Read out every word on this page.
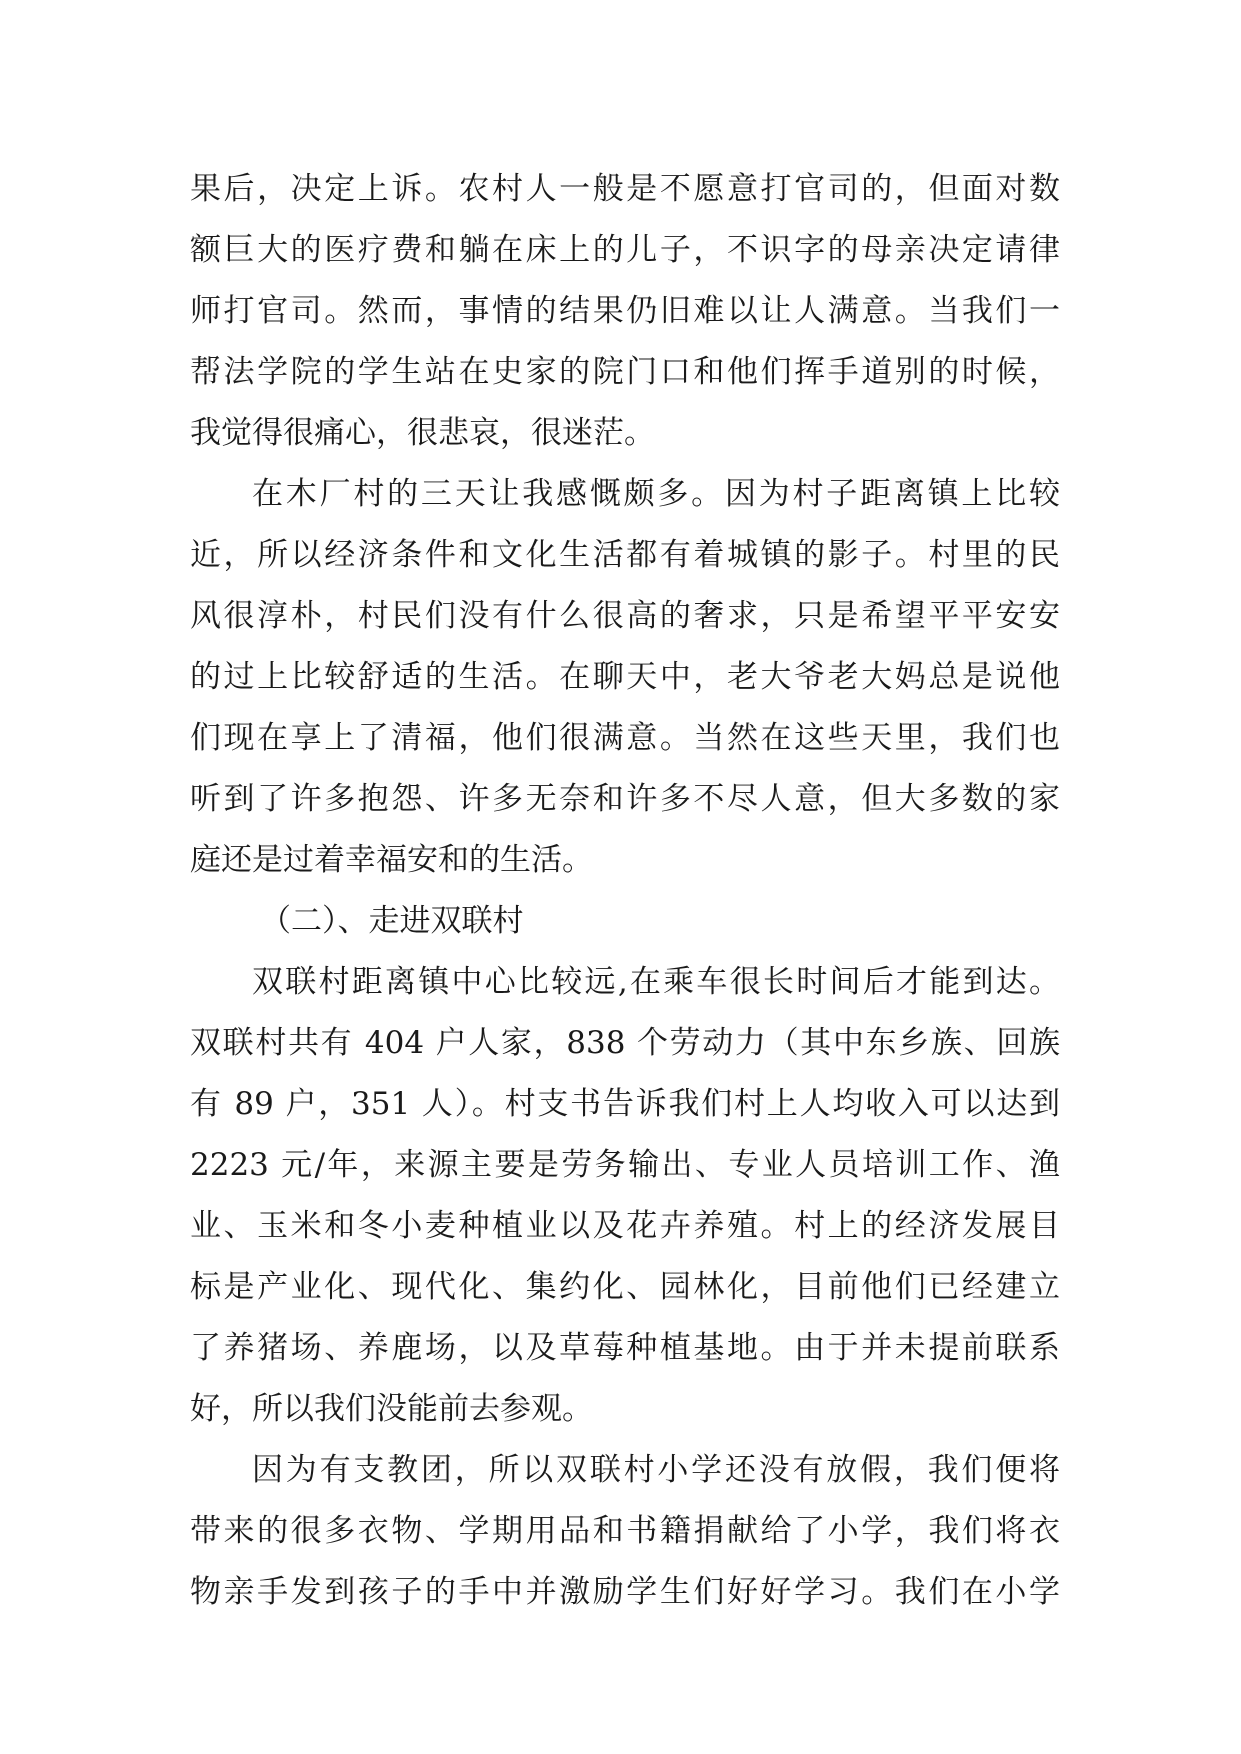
果后，决定上诉。农村人一般是不愿意打官司的，但面对数
额巨大的医疗费和躺在床上的儿子，不识字的母亲决定请律
师打官司。然而，事情的结果仍旧难以让人满意。当我们一
帮法学院的学生站在史家的院门口和他们挥手道别的时候，
我觉得很痛心，很悲哀，很迷茫。
在木厂村的三天让我感慨颇多。因为村子距离镇上比较
近，所以经济条件和文化生活都有着城镇的影子。村里的民
风很淳朴，村民们没有什么很高的奢求，只是希望平平安安
的过上比较舒适的生活。在聊天中，老大爷老大妈总是说他
们现在享上了清福，他们很满意。当然在这些天里，我们也
听到了许多抱怨、许多无奈和许多不尽人意，但大多数的家
庭还是过着幸福安和的生活。
（二）、走进双联村
双联村距离镇中心比较远,在乘车很长时间后才能到达。
双联村共有 404 户人家，838 个劳动力（其中东乡族、回族
有 89 户，351 人）。村支书告诉我们村上人均收入可以达到
2223 元/年，来源主要是劳务输出、专业人员培训工作、渔
业、玉米和冬小麦种植业以及花卉养殖。村上的经济发展目
标是产业化、现代化、集约化、园林化，目前他们已经建立
了养猪场、养鹿场，以及草莓种植基地。由于并未提前联系
好，所以我们没能前去参观。
因为有支教团，所以双联村小学还没有放假，我们便将
带来的很多衣物、学期用品和书籍捐献给了小学，我们将衣
物亲手发到孩子的手中并激励学生们好好学习。我们在小学
